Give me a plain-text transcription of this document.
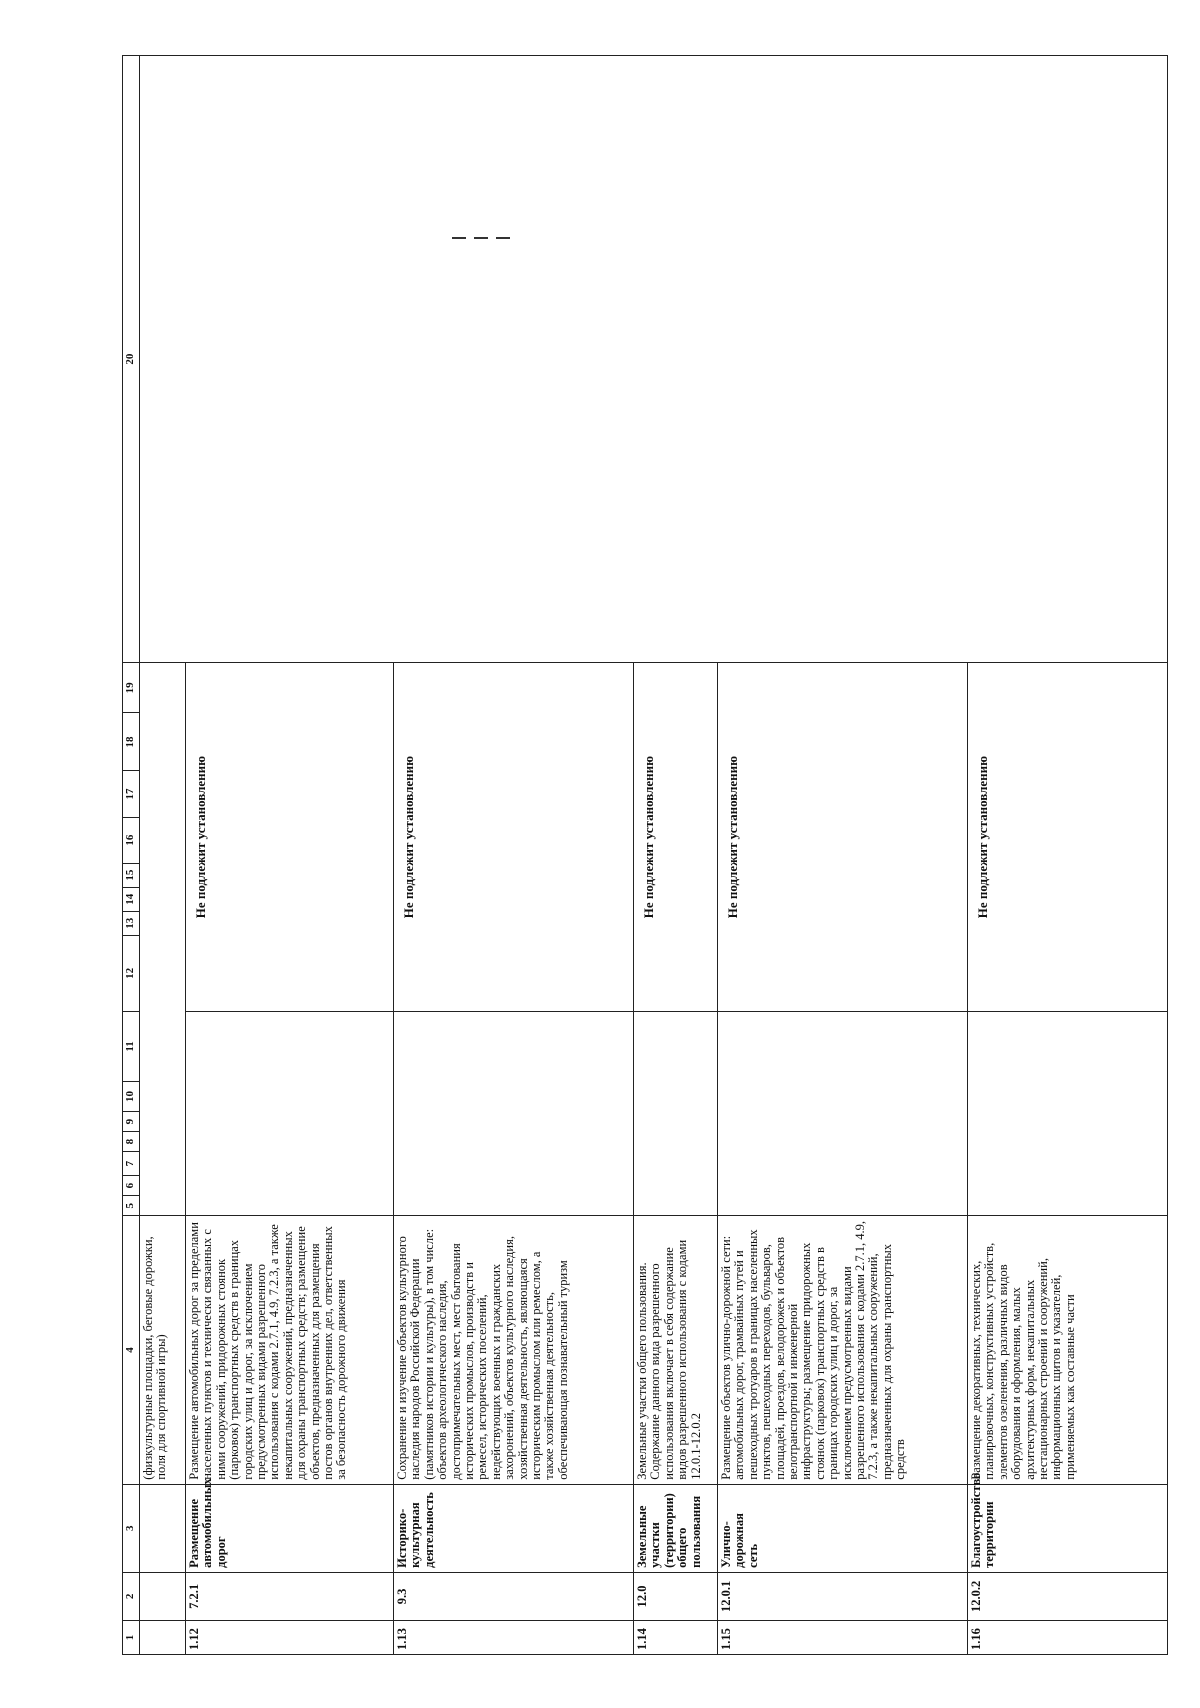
1	2	3	4	5	6	7	8	9	10	11	12	13	14	15	16	17	18	19	20
			(физкультурные площадки, беговые дорожки, поля для спортивной игры)																
1.12	7.2.1	Размещение автомобильных дорог	Размещение автомобильных дорог за пределами населенных пунктов и технически связанных с ними сооружений, придорожных стоянок (парковок) транспортных средств в границах городских улиц и дорог, за исключением предусмотренных видами разрешенного использования с кодами 2.7.1, 4.9, 7.2.3, а также некапитальных сооружений, предназначенных для охраны транспортных средств; размещение объектов, предназначенных для размещения постов органов внутренних дел, ответственных за безопасность дорожного движения								Не подлежит установлению								
1.13	9.3	Историко-культурная деятельность	Сохранение и изучение объектов культурного наследия народов Российской Федерации (памятников истории и культуры), в том числе: объектов археологического наследия, достопримечательных мест, мест бытования исторических промыслов, производств и ремесел, исторических поселений, недействующих военных и гражданских захоронений, объектов культурного наследия, хозяйственная деятельность, являющаяся историческим промыслом или ремеслом, а также хозяйственная деятельность, обеспечивающая познавательный туризм								Не подлежит установлению								
1.14	12.0	Земельные участки (территории) общего пользования	Земельные участки общего пользования. Содержание данного вида разрешенного использования включает в себя содержание видов разрешенного использования с кодами 12.0.1-12.0.2								Не подлежит установлению								
1.15	12.0.1	Улично-дорожная сеть	Размещение объектов улично-дорожной сети: автомобильных дорог, трамвайных путей и пешеходных тротуаров в границах населенных пунктов, пешеходных переходов, бульваров, площадей, проездов, велодорожек и объектов велотранспортной и инженерной инфраструктуры; размещение придорожных стоянок (парковок) транспортных средств в границах городских улиц и дорог, за исключением предусмотренных видами разрешенного использования с кодами 2.7.1, 4.9, 7.2.3, а также некапитальных сооружений, предназначенных для охраны транспортных средств								Не подлежит установлению								
1.16	12.0.2	Благоустройство территории	Размещение декоративных, технических, планировочных, конструктивных устройств, элементов озеленения, различных видов оборудования и оформления, малых архитектурных форм, некапитальных нестационарных строений и сооружений, информационных щитов и указателей, применяемых как составные части								Не подлежит установлению								
